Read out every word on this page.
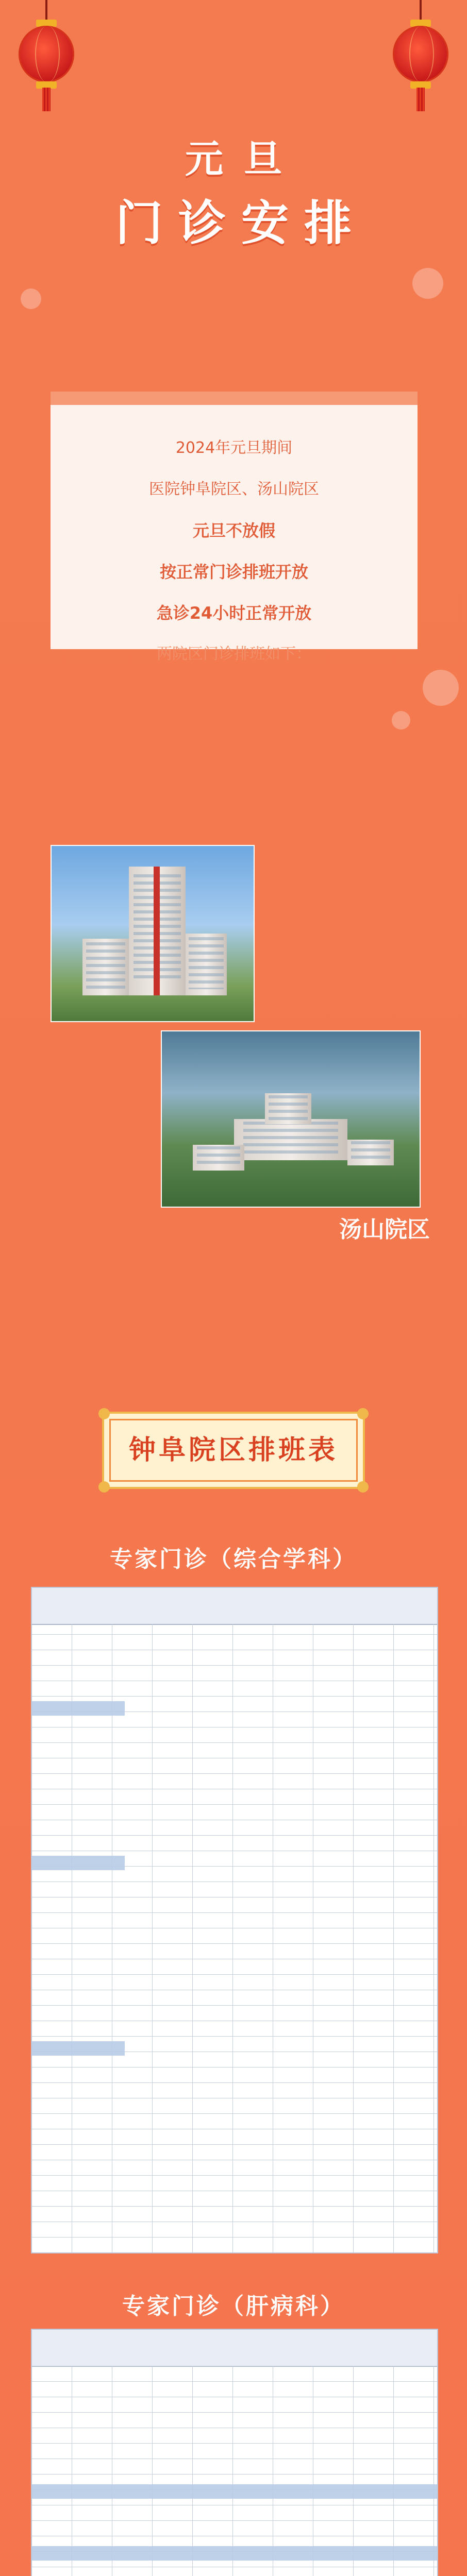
元旦
门诊安排
2024年元旦期间
医院钟阜院区、汤山院区
元旦不放假
按正常门诊排班开放
急诊24小时正常开放
两院区门诊排班如下：
汤山院区
钟阜院区排班表
专家门诊（综合学科）
专家门诊（肝病科）
